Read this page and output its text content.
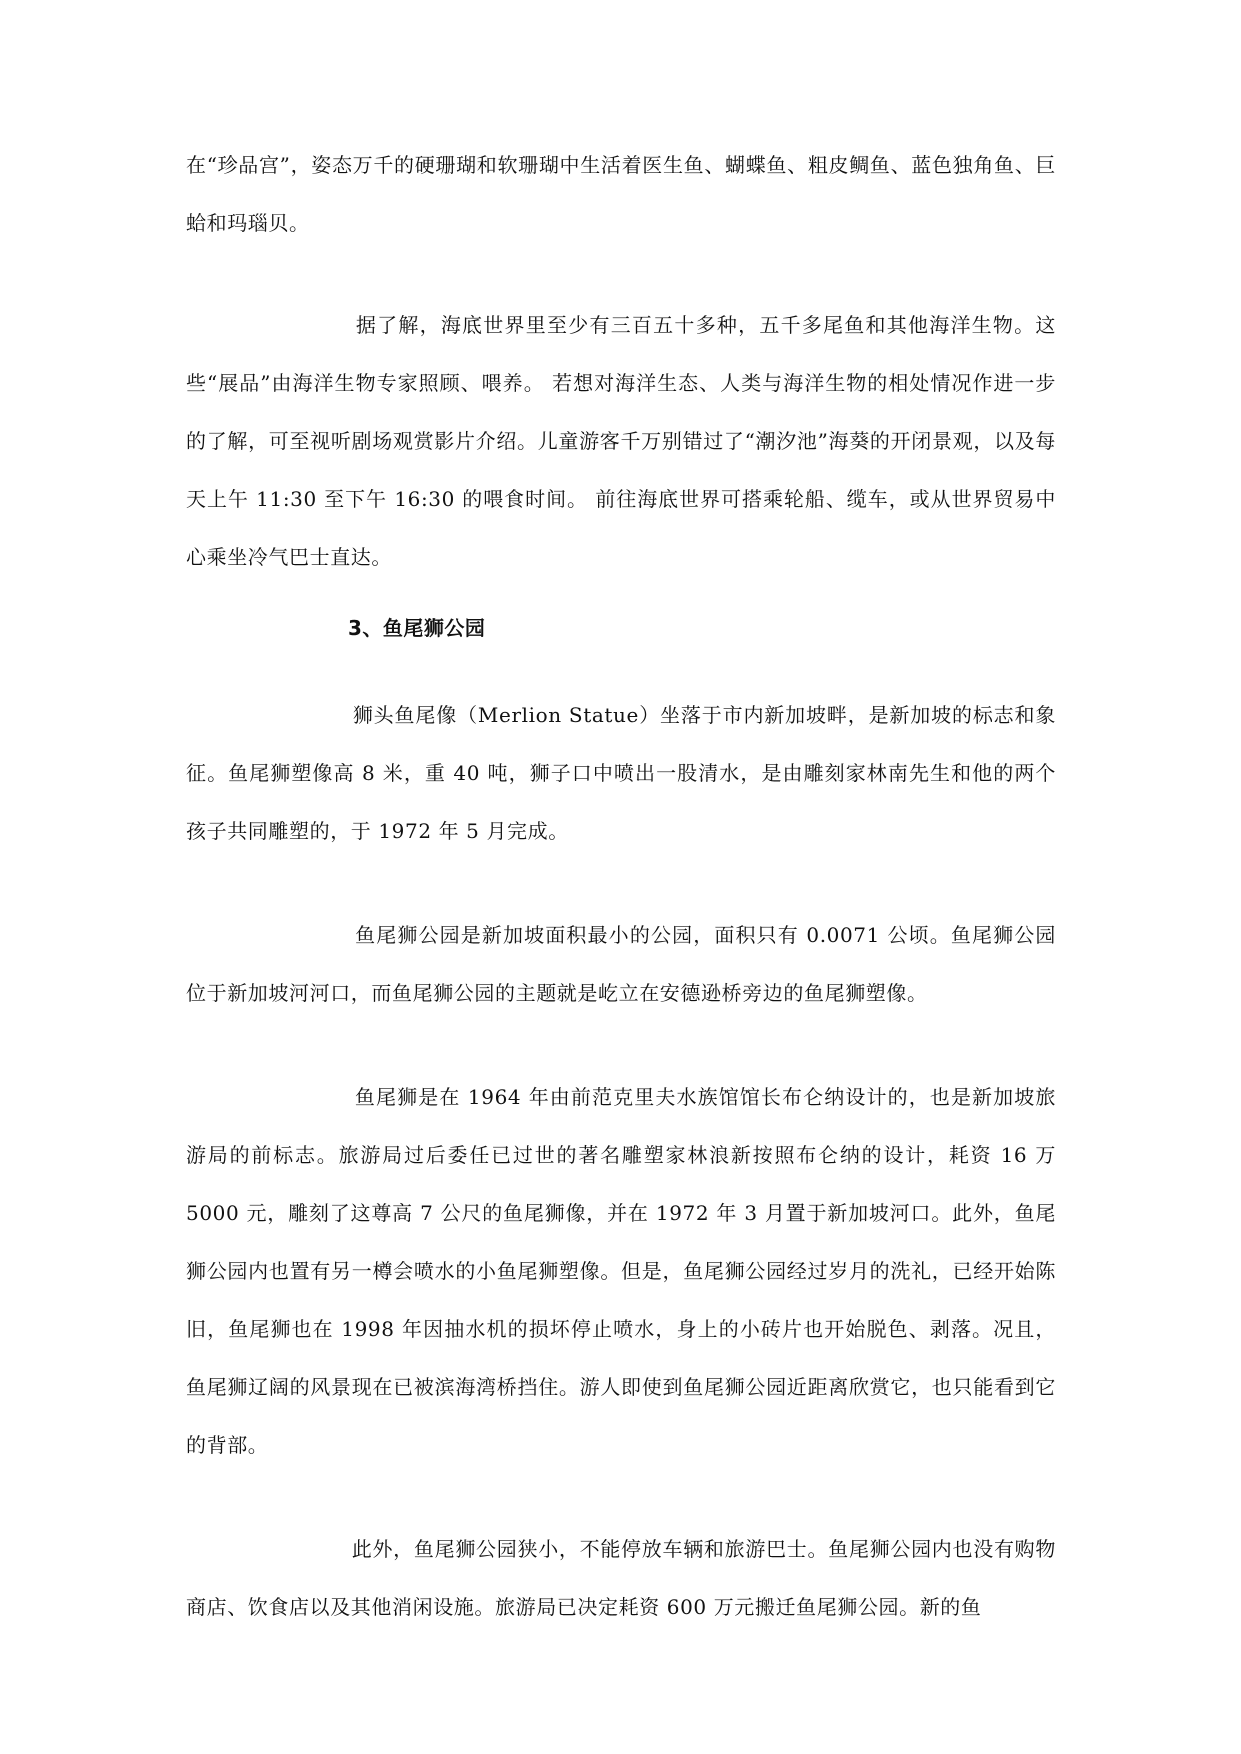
在“珍品宫”，姿态万千的硬珊瑚和软珊瑚中生活着医生鱼、蝴蝶鱼、粗皮鲷鱼、蓝色独角鱼、巨蛤和玛瑙贝。

　　　　　　　　据了解，海底世界里至少有三百五十多种，五千多尾鱼和其他海洋生物。这些“展品”由海洋生物专家照顾、喂养。 若想对海洋生态、人类与海洋生物的相处情况作进一步的了解，可至视听剧场观赏影片介绍。儿童游客千万别错过了“潮汐池”海葵的开闭景观，以及每天上午 11:30 至下午 16:30 的喂食时间。 前往海底世界可搭乘轮船、缆车，或从世界贸易中心乘坐冷气巴士直达。

3、鱼尾狮公园

　　　　　　　　狮头鱼尾像（Merlion Statue）坐落于市内新加坡畔，是新加坡的标志和象征。鱼尾狮塑像高 8 米，重 40 吨，狮子口中喷出一股清水，是由雕刻家林南先生和他的两个孩子共同雕塑的，于 1972 年 5 月完成。

　　　　　　　　鱼尾狮公园是新加坡面积最小的公园，面积只有 0.0071 公顷。鱼尾狮公园位于新加坡河河口，而鱼尾狮公园的主题就是屹立在安德逊桥旁边的鱼尾狮塑像。

　　　　　　　　鱼尾狮是在 1964 年由前范克里夫水族馆馆长布仑纳设计的，也是新加坡旅游局的前标志。旅游局过后委任已过世的著名雕塑家林浪新按照布仑纳的设计，耗资 16 万 5000 元，雕刻了这尊高 7 公尺的鱼尾狮像，并在 1972 年 3 月置于新加坡河口。此外，鱼尾狮公园内也置有另一樽会喷水的小鱼尾狮塑像。但是，鱼尾狮公园经过岁月的洗礼，已经开始陈旧，鱼尾狮也在 1998 年因抽水机的损坏停止喷水，身上的小砖片也开始脱色、剥落。况且，鱼尾狮辽阔的风景现在已被滨海湾桥挡住。游人即使到鱼尾狮公园近距离欣赏它，也只能看到它的背部。

　　　　　　　　此外，鱼尾狮公园狭小，不能停放车辆和旅游巴士。鱼尾狮公园内也没有购物商店、饮食店以及其他消闲设施。旅游局已决定耗资 600 万元搬迁鱼尾狮公园。新的鱼
